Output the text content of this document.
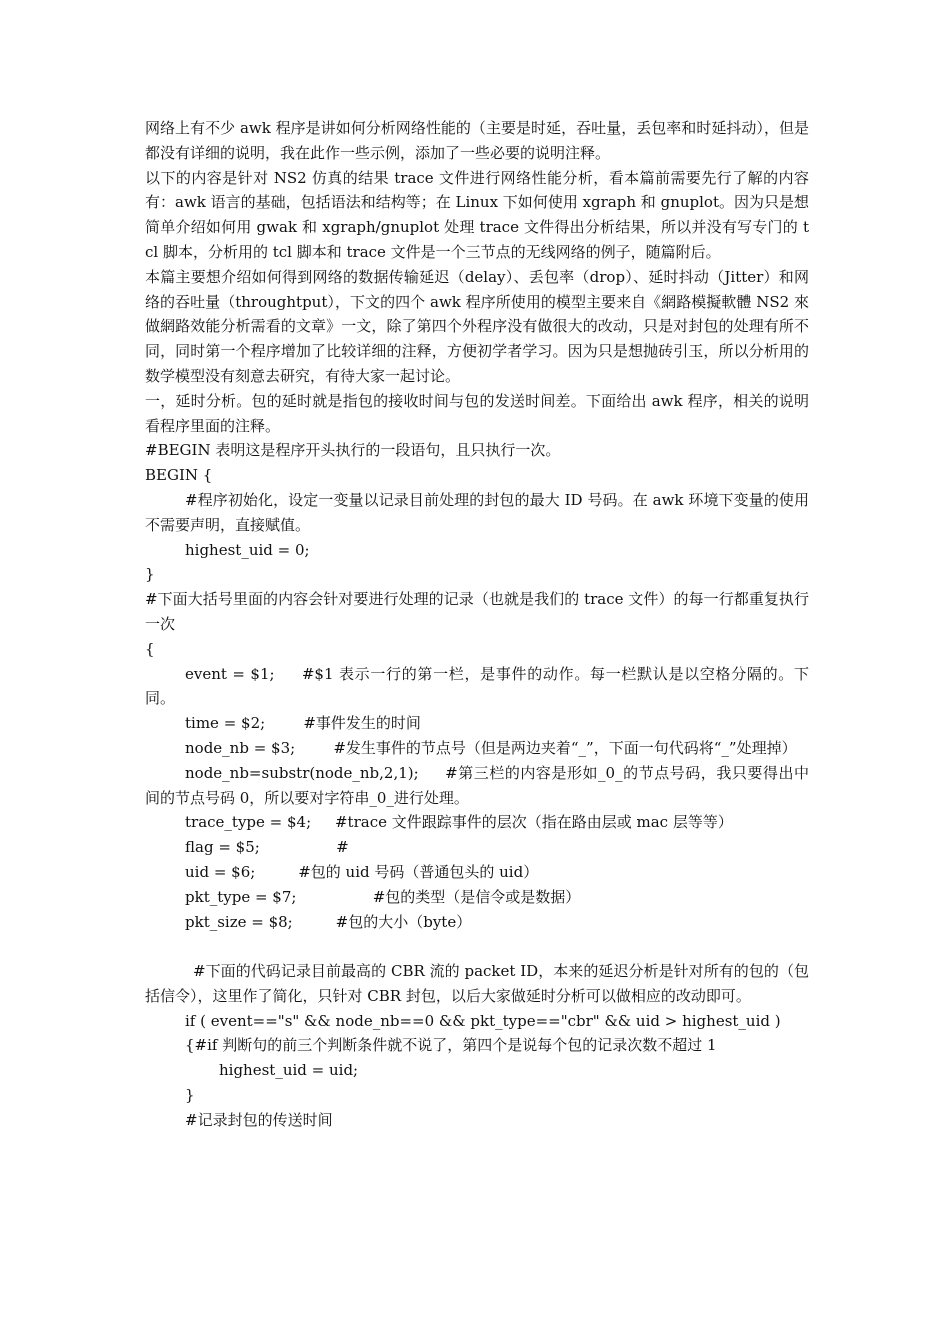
网络上有不少 awk 程序是讲如何分析网络性能的（主要是时延，吞吐量，丢包率和时延抖动），但是都没有详细的说明，我在此作一些示例，添加了一些必要的说明注释。

以下的内容是针对 NS2 仿真的结果 trace 文件进行网络性能分析，看本篇前需要先行了解的内容有：awk 语言的基础，包括语法和结构等；在 Linux 下如何使用 xgraph 和 gnuplot。因为只是想简单介绍如何用 gwak 和 xgraph/gnuplot 处理 trace 文件得出分析结果，所以并没有写专门的 tcl 脚本，分析用的 tcl 脚本和 trace 文件是一个三节点的无线网络的例子，随篇附后。

本篇主要想介绍如何得到网络的数据传输延迟（delay）、丢包率（drop）、延时抖动（Jitter）和网络的吞吐量（throughtput），下文的四个 awk 程序所使用的模型主要来自《網路模擬軟體 NS2 來做網路效能分析需看的文章》一文，除了第四个外程序没有做很大的改动，只是对封包的处理有所不同，同时第一个程序增加了比较详细的注释，方便初学者学习。因为只是想抛砖引玉，所以分析用的数学模型没有刻意去研究，有待大家一起讨论。

一，延时分析。包的延时就是指包的接收时间与包的发送时间差。下面给出 awk 程序，相关的说明看程序里面的注释。

#BEGIN 表明这是程序开头执行的一段语句，且只执行一次。

BEGIN {

#程序初始化，设定一变量以记录目前处理的封包的最大 ID 号码。在 awk 环境下变量的使用不需要声明，直接赋值。

highest_uid = 0;

}

#下面大括号里面的内容会针对要进行处理的记录（也就是我们的 trace 文件）的每一行都重复执行一次

{

event = $1;     #$1 表示一行的第一栏，是事件的动作。每一栏默认是以空格分隔的。下同。

time = $2;        #事件发生的时间

node_nb = $3;        #发生事件的节点号（但是两边夹着“_”，下面一句代码将“_”处理掉）

node_nb=substr(node_nb,2,1);     #第三栏的内容是形如_0_的节点号码，我只要得出中间的节点号码 0，所以要对字符串_0_进行处理。

trace_type = $4;     #trace 文件跟踪事件的层次（指在路由层或 mac 层等等）

flag = $5;                #

uid = $6;         #包的 uid 号码（普通包头的 uid）

pkt_type = $7;                #包的类型（是信令或是数据）

pkt_size = $8;         #包的大小（byte）

#下面的代码记录目前最高的 CBR 流的 packet ID，本来的延迟分析是针对所有的包的（包括信令），这里作了简化，只针对 CBR 封包，以后大家做延时分析可以做相应的改动即可。

if ( event=="s" && node_nb==0 && pkt_type=="cbr" && uid > highest_uid )

{#if 判断句的前三个判断条件就不说了，第四个是说每个包的记录次数不超过 1

highest_uid = uid;

}

#记录封包的传送时间
